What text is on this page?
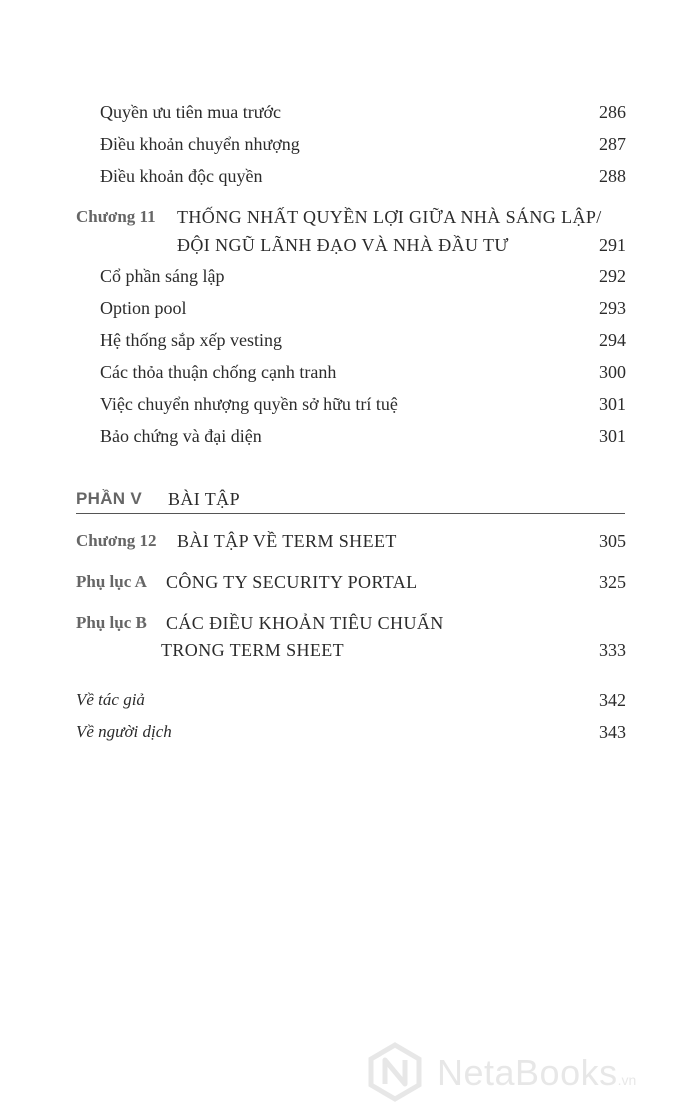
Quyền ưu tiên mua trước	286
Điều khoản chuyển nhượng	287
Điều khoản độc quyền	288
Chương 11 THỐNG NHẤT QUYỀN LỢI GIỮA NHÀ SÁNG LẬP/
ĐỘI NGŨ LÃNH ĐẠO VÀ NHÀ ĐẦU TƯ	291
Cổ phần sáng lập	292
Option pool	293
Hệ thống sắp xếp vesting	294
Các thỏa thuận chống cạnh tranh	300
Việc chuyển nhượng quyền sở hữu trí tuệ	301
Bảo chứng và đại diện	301
PHẦN V BÀI TẬP
Chương 12 BÀI TẬP VỀ TERM SHEET	305
Phụ lục A CÔNG TY SECURITY PORTAL	325
Phụ lục B CÁC ĐIỀU KHOẢN TIÊU CHUẨN
TRONG TERM SHEET	333
Về tác giả	342
Về người dịch	343
NetaBooks.vn
